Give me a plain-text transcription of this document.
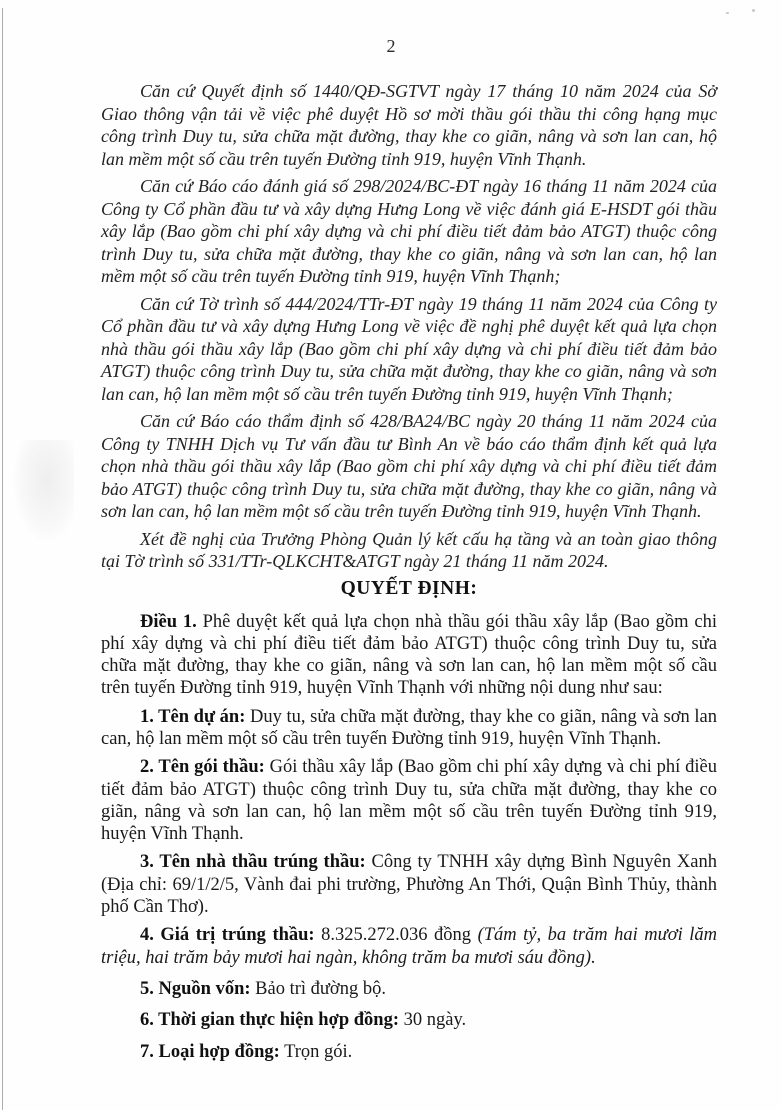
2

Căn cứ Quyết định số 1440/QĐ-SGTVT ngày 17 tháng 10 năm 2024 của Sở Giao thông vận tải về việc phê duyệt Hồ sơ mời thầu gói thầu thi công hạng mục công trình Duy tu, sửa chữa mặt đường, thay khe co giãn, nâng và sơn lan can, hộ lan mềm một số cầu trên tuyến Đường tỉnh 919, huyện Vĩnh Thạnh.

Căn cứ Báo cáo đánh giá số 298/2024/BC-ĐT ngày 16 tháng 11 năm 2024 của Công ty Cổ phần đầu tư và xây dựng Hưng Long về việc đánh giá E-HSDT gói thầu xây lắp (Bao gồm chi phí xây dựng và chi phí điều tiết đảm bảo ATGT) thuộc công trình Duy tu, sửa chữa mặt đường, thay khe co giãn, nâng và sơn lan can, hộ lan mềm một số cầu trên tuyến Đường tỉnh 919, huyện Vĩnh Thạnh;

Căn cứ Tờ trình số 444/2024/TTr-ĐT ngày 19 tháng 11 năm 2024 của Công ty Cổ phần đầu tư và xây dựng Hưng Long về việc đề nghị phê duyệt kết quả lựa chọn nhà thầu gói thầu xây lắp (Bao gồm chi phí xây dựng và chi phí điều tiết đảm bảo ATGT) thuộc công trình Duy tu, sửa chữa mặt đường, thay khe co giãn, nâng và sơn lan can, hộ lan mềm một số cầu trên tuyến Đường tỉnh 919, huyện Vĩnh Thạnh;

Căn cứ Báo cáo thẩm định số 428/BA24/BC ngày 20 tháng 11 năm 2024 của Công ty TNHH Dịch vụ Tư vấn đầu tư Bình An về báo cáo thẩm định kết quả lựa chọn nhà thầu gói thầu xây lắp (Bao gồm chi phí xây dựng và chi phí điều tiết đảm bảo ATGT) thuộc công trình Duy tu, sửa chữa mặt đường, thay khe co giãn, nâng và sơn lan can, hộ lan mềm một số cầu trên tuyến Đường tỉnh 919, huyện Vĩnh Thạnh.

Xét đề nghị của Trưởng Phòng Quản lý kết cấu hạ tầng và an toàn giao thông tại Tờ trình số 331/TTr-QLKCHT&ATGT ngày 21 tháng 11 năm 2024.

QUYẾT ĐỊNH:

Điều 1. Phê duyệt kết quả lựa chọn nhà thầu gói thầu xây lắp (Bao gồm chi phí xây dựng và chi phí điều tiết đảm bảo ATGT) thuộc công trình Duy tu, sửa chữa mặt đường, thay khe co giãn, nâng và sơn lan can, hộ lan mềm một số cầu trên tuyến Đường tỉnh 919, huyện Vĩnh Thạnh với những nội dung như sau:

1. Tên dự án: Duy tu, sửa chữa mặt đường, thay khe co giãn, nâng và sơn lan can, hộ lan mềm một số cầu trên tuyến Đường tỉnh 919, huyện Vĩnh Thạnh.

2. Tên gói thầu: Gói thầu xây lắp (Bao gồm chi phí xây dựng và chi phí điều tiết đảm bảo ATGT) thuộc công trình Duy tu, sửa chữa mặt đường, thay khe co giãn, nâng và sơn lan can, hộ lan mềm một số cầu trên tuyến Đường tỉnh 919, huyện Vĩnh Thạnh.

3. Tên nhà thầu trúng thầu: Công ty TNHH xây dựng Bình Nguyên Xanh (Địa chỉ: 69/1/2/5, Vành đai phi trường, Phường An Thới, Quận Bình Thủy, thành phố Cần Thơ).

4. Giá trị trúng thầu: 8.325.272.036 đồng (Tám tỷ, ba trăm hai mươi lăm triệu, hai trăm bảy mươi hai ngàn, không trăm ba mươi sáu đồng).

5. Nguồn vốn: Bảo trì đường bộ.

6. Thời gian thực hiện hợp đồng: 30 ngày.

7. Loại hợp đồng: Trọn gói.
